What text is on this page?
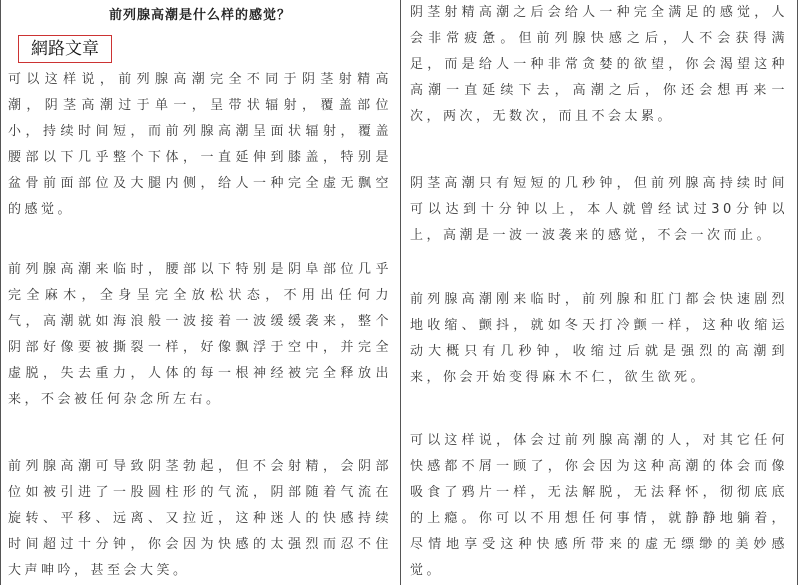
前列腺高潮是什么样的感觉？
網路文章
可以这样说，前列腺高潮完全不同于阴茎射精高
潮，阴茎高潮过于单一，呈带状辐射，覆盖部位
小，持续时间短，而前列腺高潮呈面状辐射，覆盖
腰部以下几乎整个下体，一直延伸到膝盖，特别是
盆骨前面部位及大腿内侧，给人一种完全虚无飘空
的感觉。
前列腺高潮来临时，腰部以下特别是阴阜部位几乎
完全麻木，全身呈完全放松状态，不用出任何力
气，高潮就如海浪般一波接着一波缓缓袭来，整个
阴部好像要被撕裂一样，好像飘浮于空中，并完全
虚脱，失去重力，人体的每一根神经被完全释放出
来，不会被任何杂念所左右。
前列腺高潮可导致阴茎勃起，但不会射精，会阴部
位如被引进了一股圆柱形的气流，阴部随着气流在
旋转、平移、远离、又拉近，这种迷人的快感持续
时间超过十分钟，你会因为快感的太强烈而忍不住
大声呻吟，甚至会大笑。
阴茎射精高潮之后会给人一种完全满足的感觉，人
会非常疲惫。但前列腺快感之后，人不会获得满
足，而是给人一种非常贪婪的欲望，你会渴望这种
高潮一直延续下去，高潮之后，你还会想再来一
次，两次，无数次，而且不会太累。
阴茎高潮只有短短的几秒钟，但前列腺高持续时间
可以达到十分钟以上，本人就曾经试过30分钟以
上，高潮是一波一波袭来的感觉，不会一次而止。
前列腺高潮刚来临时，前列腺和肛门都会快速剧烈
地收缩、颤抖，就如冬天打冷颤一样，这种收缩运
动大概只有几秒钟，收缩过后就是强烈的高潮到
来，你会开始变得麻木不仁，欲生欲死。
可以这样说，体会过前列腺高潮的人，对其它任何
快感都不屑一顾了，你会因为这种高潮的体会而像
吸食了鸦片一样，无法解脱，无法释怀，彻彻底底
的上瘾。你可以不用想任何事情，就静静地躺着，
尽情地享受这种快感所带来的虚无缥缈的美妙感
觉。
